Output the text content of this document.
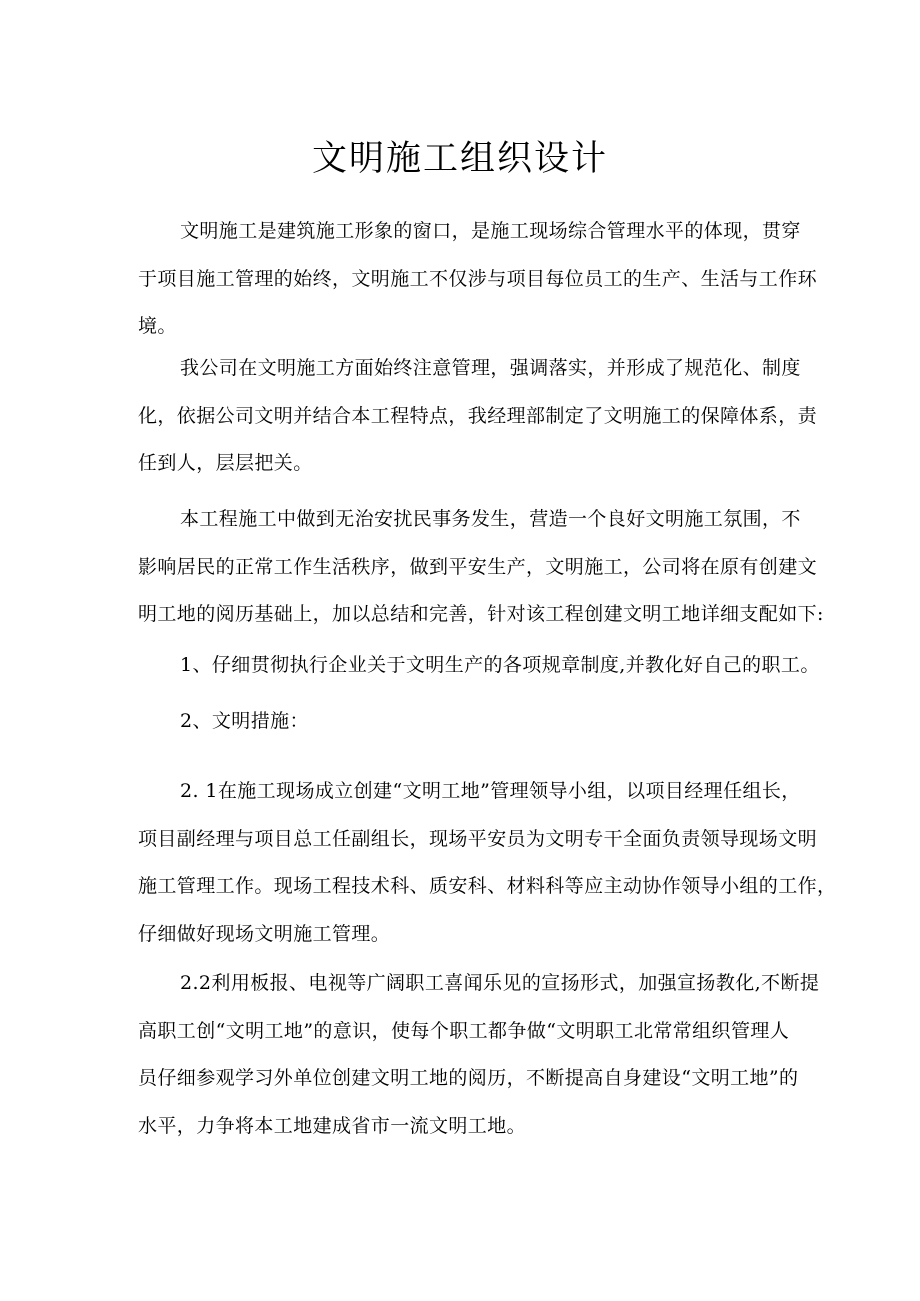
文明施工组织设计
文明施工是建筑施工形象的窗口，是施工现场综合管理水平的体现，贯穿
于项目施工管理的始终，文明施工不仅涉与项目每位员工的生产、生活与工作环
境。
我公司在文明施工方面始终注意管理，强调落实，并形成了规范化、制度
化，依据公司文明并结合本工程特点，我经理部制定了文明施工的保障体系，责
任到人，层层把关。
本工程施工中做到无治安扰民事务发生，营造一个良好文明施工氛围，不
影响居民的正常工作生活秩序，做到平安生产，文明施工，公司将在原有创建文
明工地的阅历基础上，加以总结和完善，针对该工程创建文明工地详细支配如下:
1、仔细贯彻执行企业关于文明生产的各项规章制度,并教化好自己的职工。
2、文明措施：
2. 1在施工现场成立创建“文明工地”管理领导小组，以项目经理任组长，
项目副经理与项目总工任副组长，现场平安员为文明专干全面负责领导现场文明
施工管理工作。现场工程技术科、质安科、材料科等应主动协作领导小组的工作，
仔细做好现场文明施工管理。
2.2利用板报、电视等广阔职工喜闻乐见的宣扬形式，加强宣扬教化,不断提
高职工创“文明工地”的意识，使每个职工都争做“文明职工北常常组织管理人
员仔细参观学习外单位创建文明工地的阅历，不断提高自身建设“文明工地”的
水平，力争将本工地建成省市一流文明工地。
